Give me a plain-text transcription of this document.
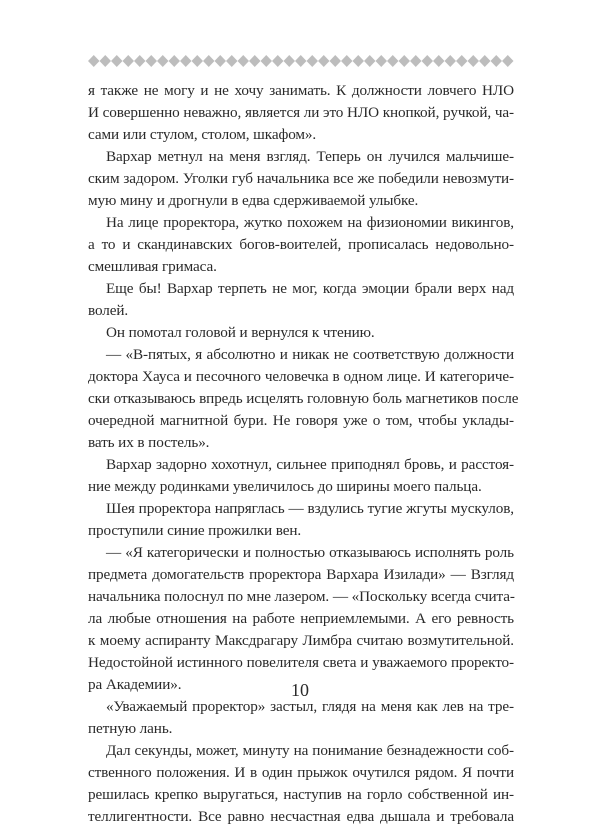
я также не могу и не хочу занимать. К должности ловчего НЛО
И совершенно неважно, является ли это НЛО кнопкой, ручкой, ча-
сами или стулом, столом, шкафом».
Вархар метнул на меня взгляд. Теперь он лучился мальчише-
ским задором. Уголки губ начальника все же победили невозмути-
мую мину и дрогнули в едва сдерживаемой улыбке.
На лице проректора, жутко похожем на физиономии викингов,
а то и скандинавских богов-воителей, прописалась недовольно-
смешливая гримаса.
Еще бы! Вархар терпеть не мог, когда эмоции брали верх над
волей.
Он помотал головой и вернулся к чтению.
— «В-пятых, я абсолютно и никак не соответствую должности
доктора Хауса и песочного человечка в одном лице. И категориче-
ски отказываюсь впредь исцелять головную боль магнетиков после
очередной магнитной бури. Не говоря уже о том, чтобы уклады-
вать их в постель».
Вархар задорно хохотнул, сильнее приподнял бровь, и расстоя-
ние между родинками увеличилось до ширины моего пальца.
Шея проректора напряглась — вздулись тугие жгуты мускулов,
проступили синие прожилки вен.
— «Я категорически и полностью отказываюсь исполнять роль
предмета домогательств проректора Вархара Изилади» — Взгляд
начальника полоснул по мне лазером. — «Поскольку всегда счита-
ла любые отношения на работе неприемлемыми. А его ревность
к моему аспиранту Максдрагару Лимбра считаю возмутительной.
Недостойной истинного повелителя света и уважаемого проректо-
ра Академии».
«Уважаемый проректор» застыл, глядя на меня как лев на тре-
петную лань.
Дал секунды, может, минуту на понимание безнадежности соб-
ственного положения. И в один прыжок очутился рядом. Я почти
решилась крепко выругаться, наступив на горло собственной ин-
теллигентности. Все равно несчастная едва дышала и требовала
10
